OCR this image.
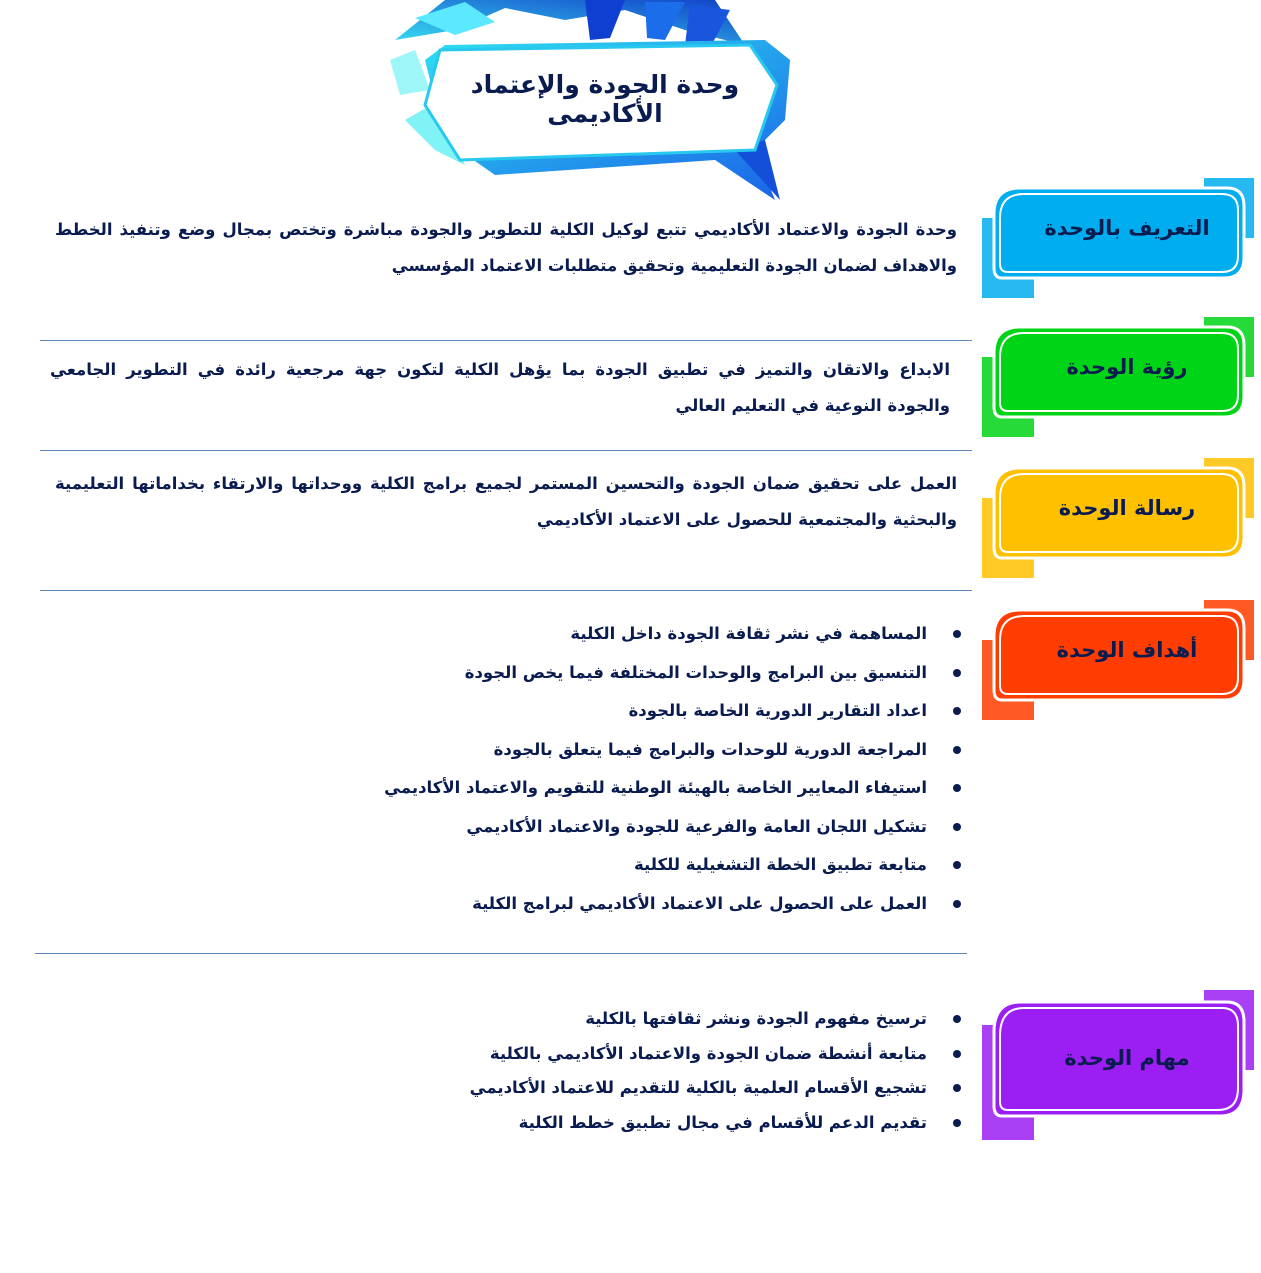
وحدة الجودة والإعتماد الأكاديمى
التعريف بالوحدة
رؤية الوحدة
رسالة الوحدة
أهداف الوحدة
مهام الوحدة
وحدة الجودة والاعتماد الأكاديمي تتبع لوكيل الكلية للتطوير والجودة مباشرة وتختص بمجال وضع وتنفيذ الخطط والاهداف لضمان الجودة التعليمية وتحقيق متطلبات الاعتماد المؤسسي
الابداع والاتقان والتميز في تطبيق الجودة بما يؤهل الكلية لتكون جهة مرجعية رائدة في التطوير الجامعي والجودة النوعية في التعليم العالي
العمل على تحقيق ضمان الجودة والتحسين المستمر لجميع برامج الكلية ووحداتها والارتقاء بخداماتها التعليمية والبحثية والمجتمعية للحصول على الاعتماد الأكاديمي
المساهمة في نشر ثقافة الجودة داخل الكلية
التنسيق بين البرامج والوحدات المختلفة فيما يخص الجودة
اعداد التقارير الدورية الخاصة بالجودة
المراجعة الدورية للوحدات والبرامج فيما يتعلق بالجودة
استيفاء المعايير الخاصة بالهيئة الوطنية للتقويم والاعتماد الأكاديمي
تشكيل اللجان العامة والفرعية للجودة والاعتماد الأكاديمي
متابعة تطبيق الخطة التشغيلية للكلية
العمل على الحصول على الاعتماد الأكاديمي لبرامج الكلية
ترسيخ مفهوم الجودة ونشر ثقافتها بالكلية
متابعة أنشطة ضمان الجودة والاعتماد الأكاديمي بالكلية
تشجيع الأقسام العلمية بالكلية للتقديم للاعتماد الأكاديمي
تقديم الدعم للأقسام في مجال تطبيق خطط الكلية
